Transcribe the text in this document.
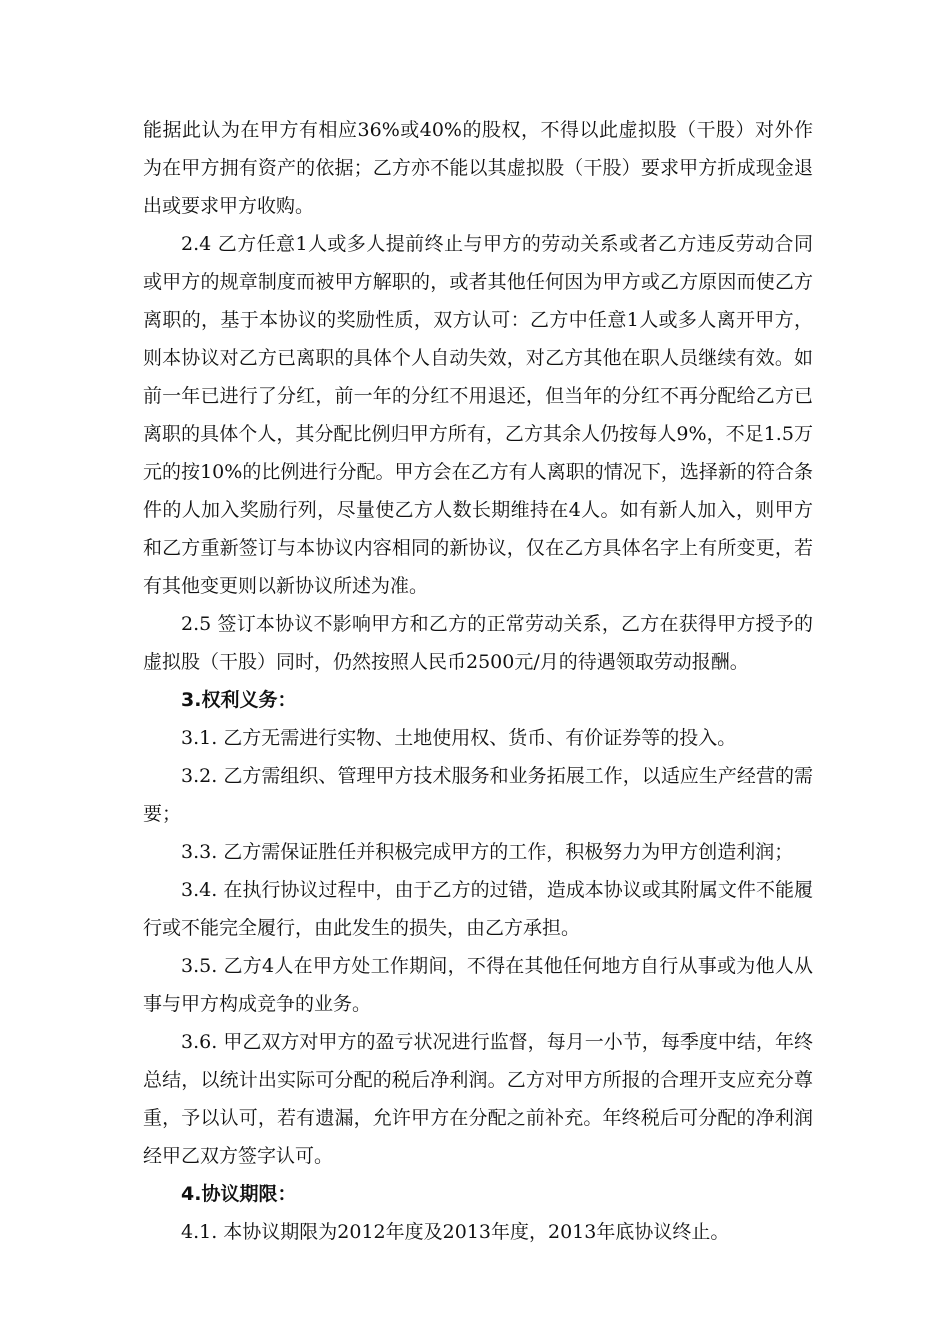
能据此认为在甲方有相应36%或40%的股权，不得以此虚拟股（干股）对外作为在甲方拥有资产的依据；乙方亦不能以其虚拟股（干股）要求甲方折成现金退出或要求甲方收购。

2.4 乙方任意1人或多人提前终止与甲方的劳动关系或者乙方违反劳动合同或甲方的规章制度而被甲方解职的，或者其他任何因为甲方或乙方原因而使乙方离职的，基于本协议的奖励性质，双方认可：乙方中任意1人或多人离开甲方，则本协议对乙方已离职的具体个人自动失效，对乙方其他在职人员继续有效。如前一年已进行了分红，前一年的分红不用退还，但当年的分红不再分配给乙方已离职的具体个人，其分配比例归甲方所有，乙方其余人仍按每人9%，不足1.5万元的按10%的比例进行分配。甲方会在乙方有人离职的情况下，选择新的符合条件的人加入奖励行列，尽量使乙方人数长期维持在4人。如有新人加入，则甲方和乙方重新签订与本协议内容相同的新协议，仅在乙方具体名字上有所变更，若有其他变更则以新协议所述为准。

2.5 签订本协议不影响甲方和乙方的正常劳动关系，乙方在获得甲方授予的虚拟股（干股）同时，仍然按照人民币2500元/月的待遇领取劳动报酬。

3.权利义务：

3.1. 乙方无需进行实物、土地使用权、货币、有价证券等的投入。

3.2. 乙方需组织、管理甲方技术服务和业务拓展工作，以适应生产经营的需要；

3.3. 乙方需保证胜任并积极完成甲方的工作，积极努力为甲方创造利润；

3.4. 在执行协议过程中，由于乙方的过错，造成本协议或其附属文件不能履行或不能完全履行，由此发生的损失，由乙方承担。

3.5. 乙方4人在甲方处工作期间，不得在其他任何地方自行从事或为他人从事与甲方构成竞争的业务。

3.6. 甲乙双方对甲方的盈亏状况进行监督，每月一小节，每季度中结，年终总结，以统计出实际可分配的税后净利润。乙方对甲方所报的合理开支应充分尊重，予以认可，若有遗漏，允许甲方在分配之前补充。年终税后可分配的净利润经甲乙双方签字认可。

4.协议期限：

4.1. 本协议期限为2012年度及2013年度，2013年底协议终止。
